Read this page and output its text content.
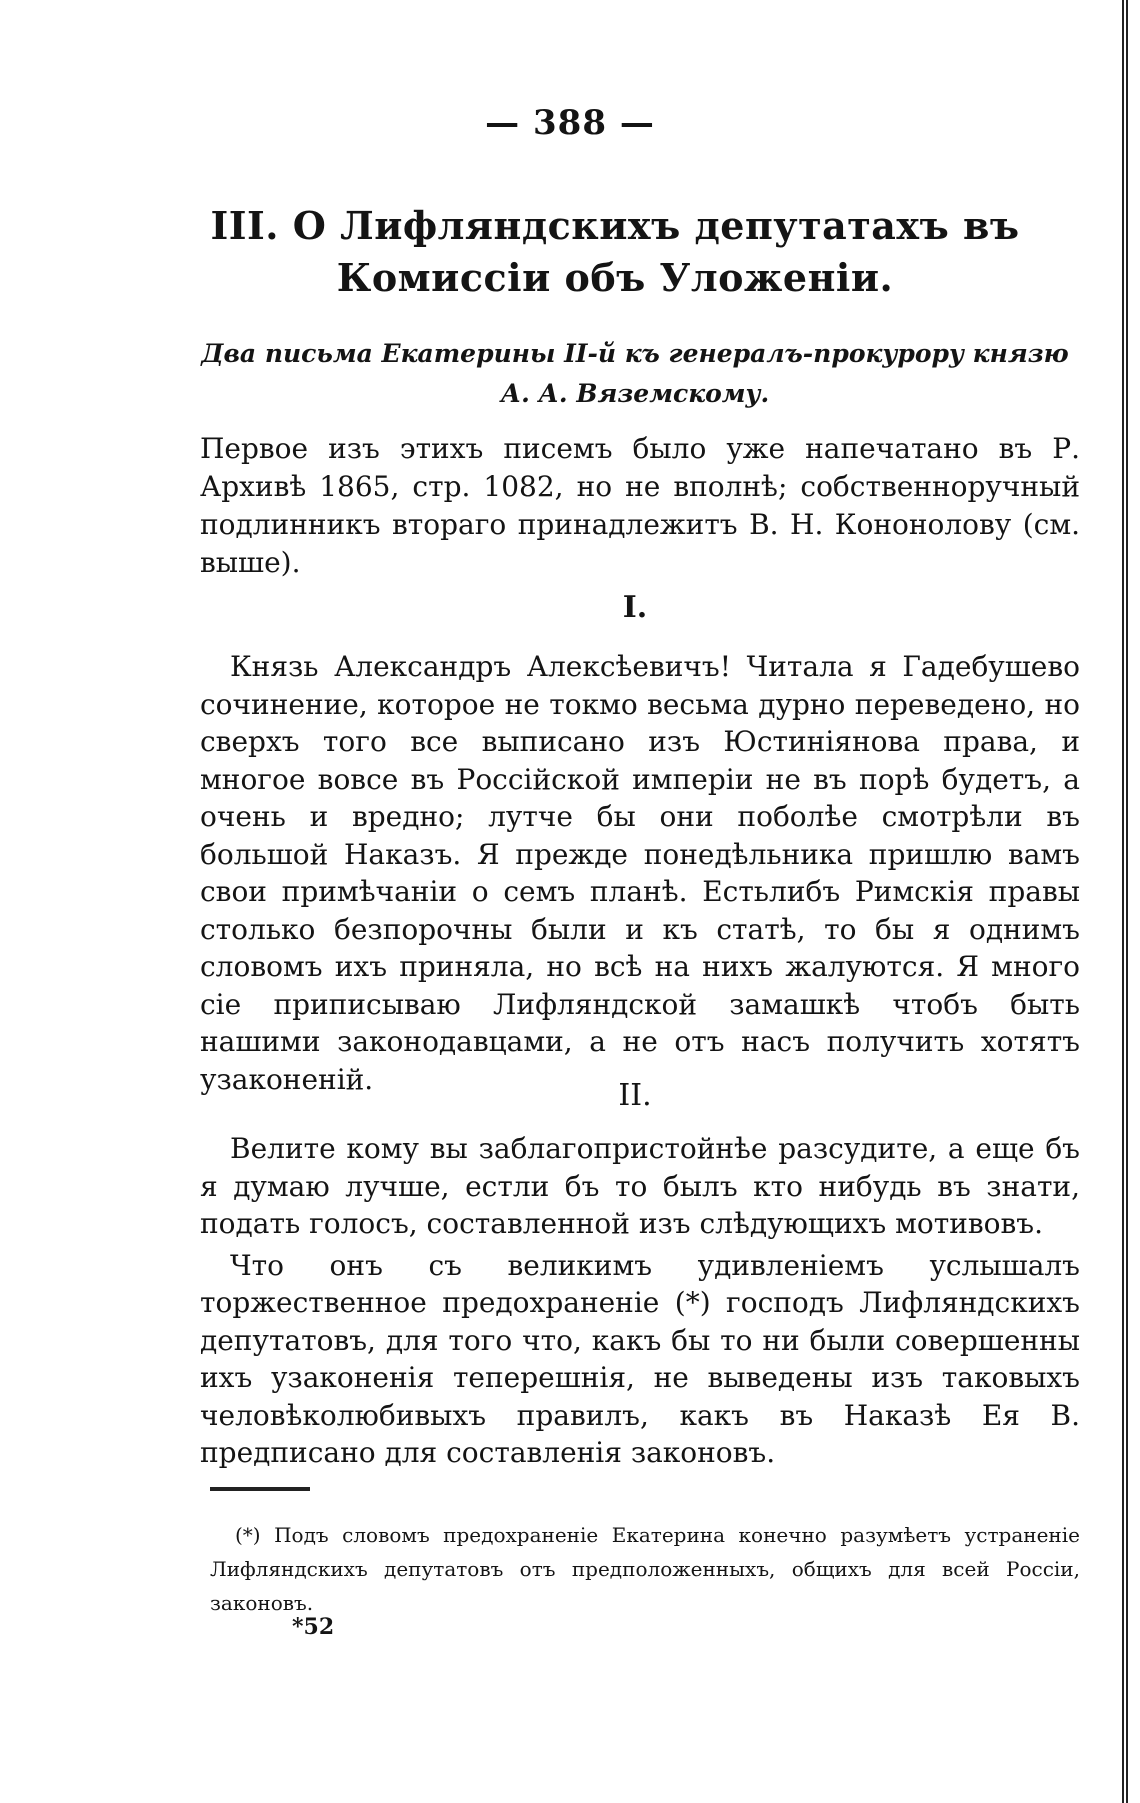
— 388 —
III. О Лифляндскихъ депутатахъ въ Комиссіи объ Уложеніи.
Два письма Екатерины II-й къ генералъ-прокурору князю А. А. Вяземскому.
Первое изъ этихъ писемъ было уже напечатано въ Р. Архивѣ 1865, стр. 1082, но не вполнѣ; собственноручный подлинникъ втораго принадлежитъ В. Н. Кононолову (см. выше).
I.

Князь Александръ Алексѣевичъ! Читала я Гадебушево сочинение, которое не токмо весьма дурно переведено, но сверхъ того все выписано изъ Юстиніянова права, и многое вовсе въ Россійской имперіи не въ порѣ будетъ, а очень и вредно; лутче бы они поболѣе смотрѣли въ большой Наказъ. Я прежде понедѣльника пришлю вамъ свои примѣчаніи о семъ планѣ. Естьлибъ Римскія правы столько безпорочны были и къ статѣ, то бы я однимъ словомъ ихъ приняла, но всѣ на нихъ жалуются. Я много сіе приписываю Лифляндской замашкѣ чтобъ быть нашими законодавцами, а не отъ насъ получить хотятъ узаконеній.	II.

Велите кому вы заблагопристойнѣе разсудите, а еще бъ я думаю лучше, естли бъ то былъ кто нибудь въ знати, подать голосъ, составленной изъ слѣдующихъ мотивовъ.

Что онъ съ великимъ удивленіемъ услышалъ торжественное предохраненіе (*) господъ Лифляндскихъ депутатовъ, для того что, какъ бы то ни были совершенны ихъ узаконенія теперешнія, не выведены изъ таковыхъ человѣколюбивыхъ правилъ, какъ въ Наказѣ Ея В. предписано для составленія законовъ.

(*) Подъ словомъ предохраненіе Екатерина конечно разумѣетъ устраненіе Лифляндскихъ депутатовъ отъ предположенныхъ, общихъ для всей Россіи, законовъ.

*52
